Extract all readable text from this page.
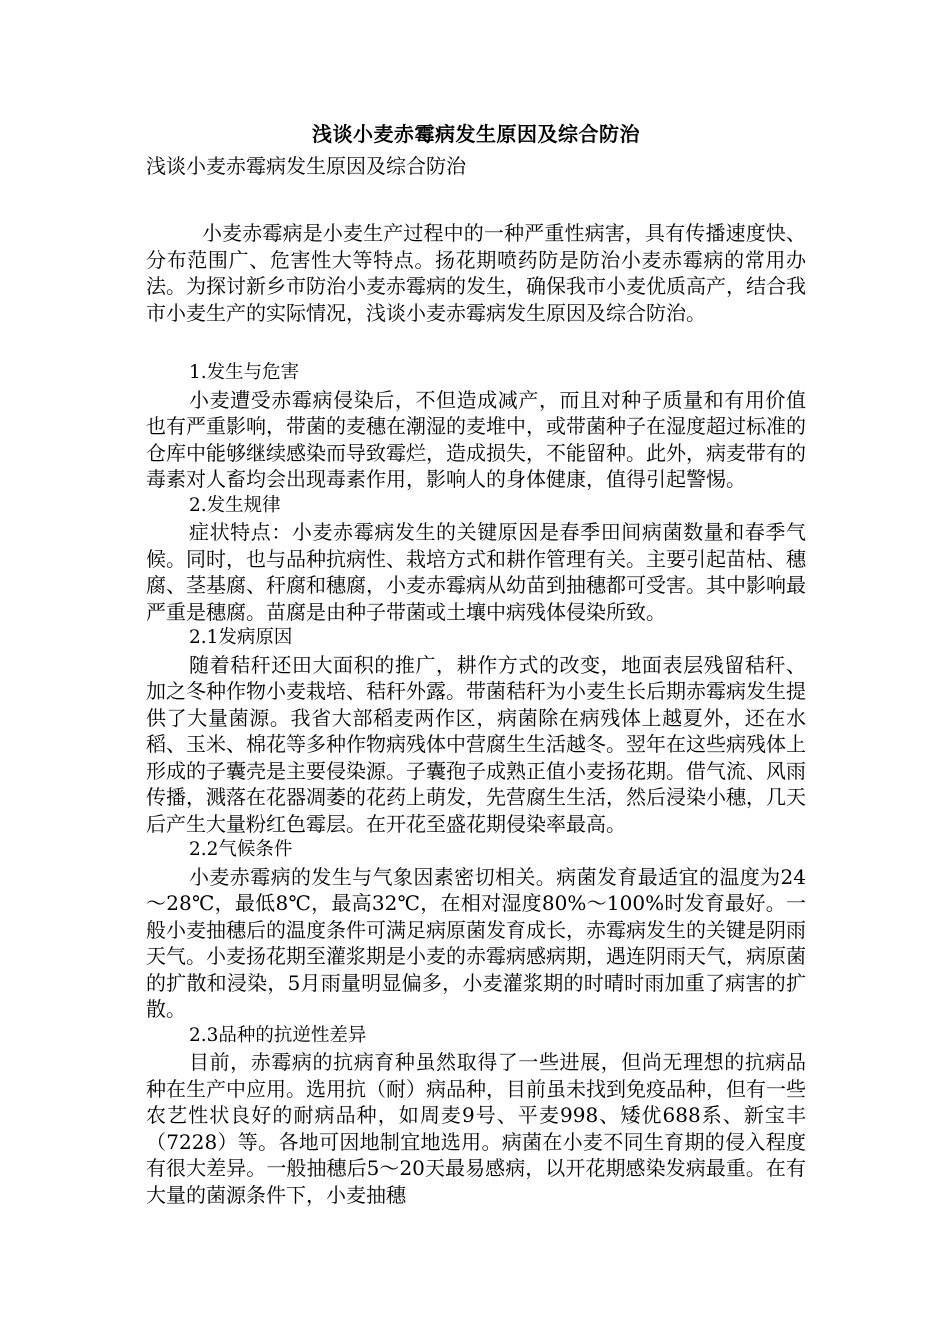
浅谈小麦赤霉病发生原因及综合防治
浅谈小麦赤霉病发生原因及综合防治

小麦赤霉病是小麦生产过程中的一种严重性病害，具有传播速度快、分布范围广、危害性大等特点。扬花期喷药防是防治小麦赤霉病的常用办法。为探讨新乡市防治小麦赤霉病的发生，确保我市小麦优质高产，结合我市小麦生产的实际情况，浅谈小麦赤霉病发生原因及综合防治。

1.发生与危害

小麦遭受赤霉病侵染后，不但造成减产，而且对种子质量和有用价值也有严重影响，带菌的麦穗在潮湿的麦堆中，或带菌种子在湿度超过标准的仓库中能够继续感染而导致霉烂，造成损失，不能留种。此外，病麦带有的毒素对人畜均会出现毒素作用，影响人的身体健康，值得引起警惕。

2.发生规律

症状特点：小麦赤霉病发生的关键原因是春季田间病菌数量和春季气候。同时，也与品种抗病性、栽培方式和耕作管理有关。主要引起苗枯、穗腐、茎基腐、秆腐和穗腐，小麦赤霉病从幼苗到抽穗都可受害。其中影响最严重是穗腐。苗腐是由种子带菌或土壤中病残体侵染所致。

2.1发病原因

随着秸秆还田大面积的推广，耕作方式的改变，地面表层残留秸秆、加之冬种作物小麦栽培、秸秆外露。带菌秸秆为小麦生长后期赤霉病发生提供了大量菌源。我省大部稻麦两作区，病菌除在病残体上越夏外，还在水稻、玉米、棉花等多种作物病残体中营腐生生活越冬。翌年在这些病残体上形成的子囊壳是主要侵染源。子囊孢子成熟正值小麦扬花期。借气流、风雨传播，溅落在花器凋萎的花药上萌发，先营腐生生活，然后浸染小穗，几天后产生大量粉红色霉层。在开花至盛花期侵染率最高。

2.2气候条件

小麦赤霉病的发生与气象因素密切相关。病菌发育最适宜的温度为24～28℃，最低8℃，最高32℃，在相对湿度80%～100%时发育最好。一般小麦抽穗后的温度条件可满足病原菌发育成长，赤霉病发生的关键是阴雨天气。小麦扬花期至灌浆期是小麦的赤霉病感病期，遇连阴雨天气，病原菌的扩散和浸染，5月雨量明显偏多，小麦灌浆期的时晴时雨加重了病害的扩散。

2.3品种的抗逆性差异

目前，赤霉病的抗病育种虽然取得了一些进展，但尚无理想的抗病品种在生产中应用。选用抗（耐）病品种，目前虽未找到免疫品种，但有一些农艺性状良好的耐病品种，如周麦9号、平麦998、矮优688系、新宝丰（7228）等。各地可因地制宜地选用。病菌在小麦不同生育期的侵入程度有很大差异。一般抽穗后5～20天最易感病，以开花期感染发病最重。在有大量的菌源条件下，小麦抽穗
